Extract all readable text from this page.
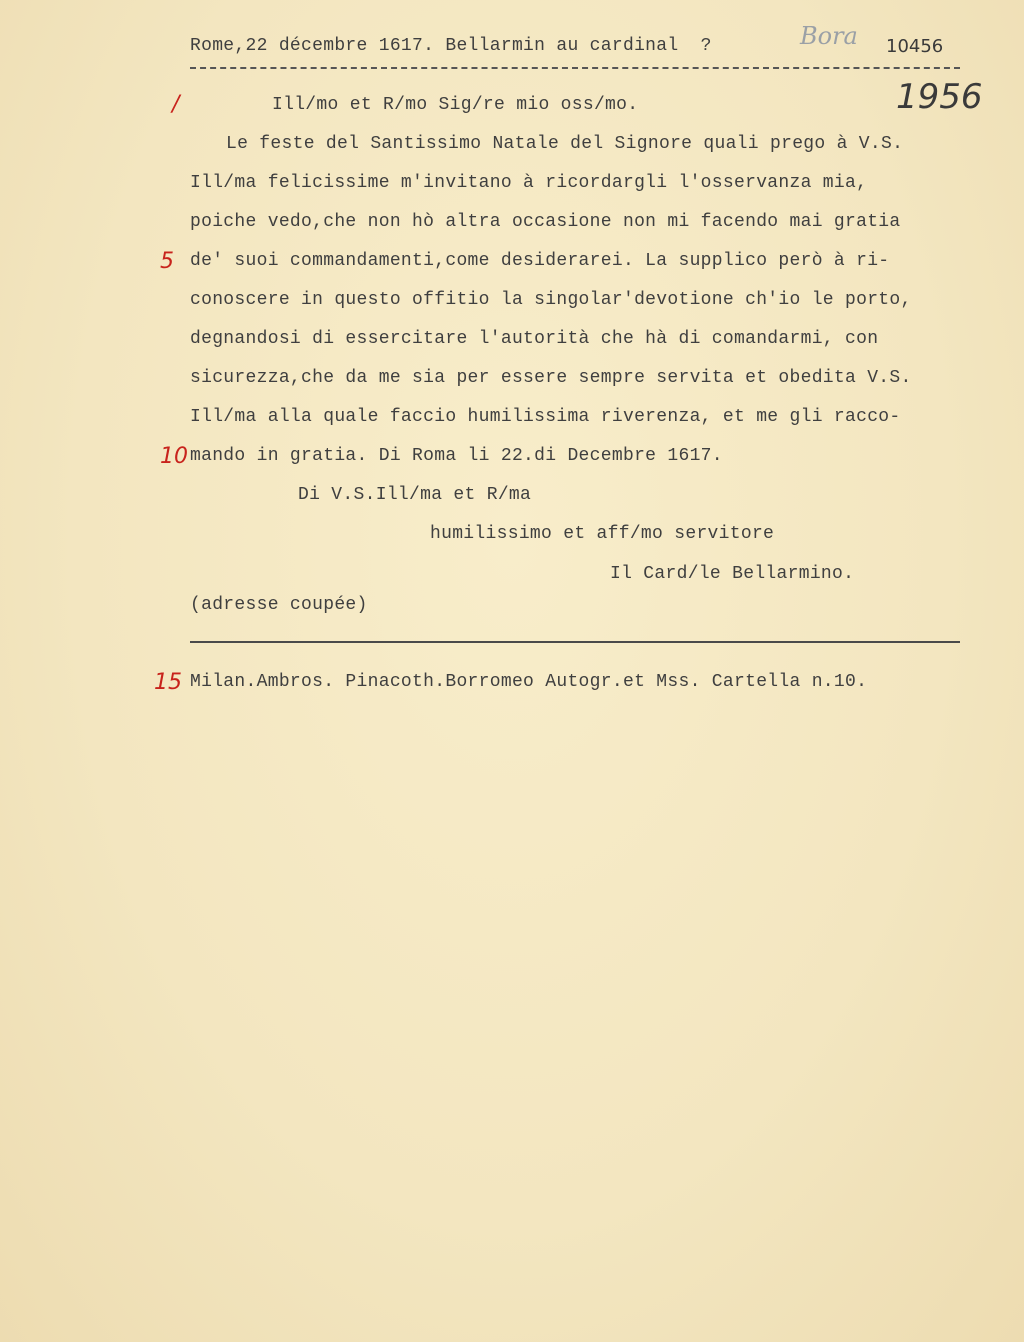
Rome,22 décembre 1617. Bellarmin au cardinal  ?	Bora 10456
1956
/	Ill/mo et R/mo Sig/re mio oss/mo.
Le feste del Santissimo Natale del Signore quali prego à V.S.
Ill/ma felicissime m'invitano à ricordargli l'osservanza mia,
poiche vedo,che non hò altra occasione non mi facendo mai gratia
5 de' suoi commandamenti,come desiderarei. La supplico però à ri-
conoscere in questo offitio la singolar'devotione ch'io le porto,
degnandosi di essercitare l'autorità che hà di comandarmi, con
sicurezza,che da me sia per essere sempre servita et obedita V.S.
Ill/ma alla quale faccio humilissima riverenza, et me gli racco-
10 mando in gratia. Di Roma li 22.di Decembre 1617.
Di V.S.Ill/ma et R/ma
humilissimo et aff/mo servitore
Il Card/le Bellarmino.
(adresse coupée)
15 Milan.Ambros. Pinacoth.Borromeo Autogr.et Mss. Cartella n.10.
